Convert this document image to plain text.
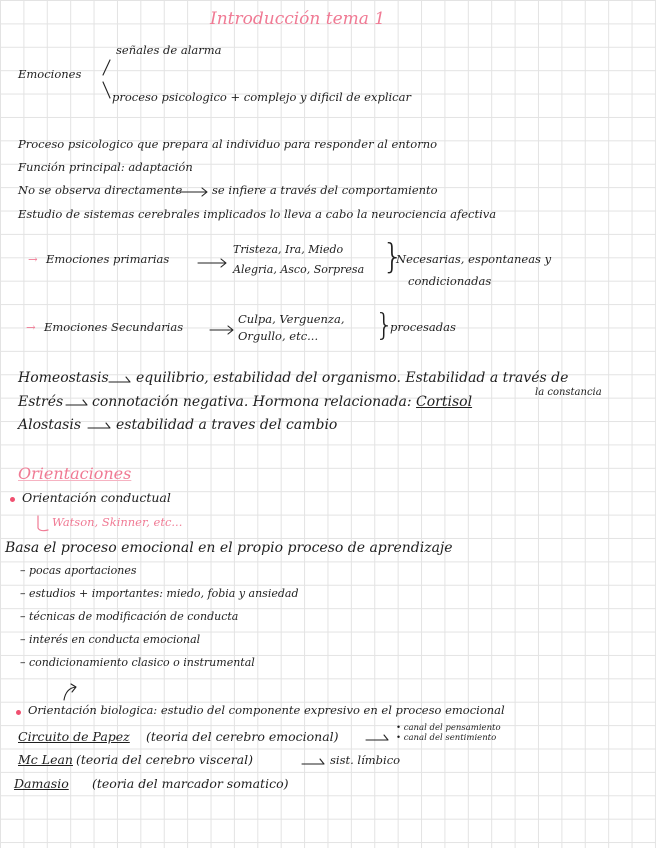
Introducción tema 1
Emociones
señales de alarma
proceso psicologico + complejo y dificil de explicar
Proceso psicologico que prepara al individuo para responder al entorno
Función principal: adaptación
No se observa directamente	se infiere a través del comportamiento
Estudio de sistemas cerebrales implicados lo lleva a cabo la neurociencia afectiva
→ Emociones primarias
Tristeza, Ira, Miedo
Alegria, Asco, Sorpresa }
Necesarias, espontaneas y
condicionadas
→ Emociones Secundarias
Culpa, Verguenza,
Orgullo, etc... }
procesadas
Homeostasis equilibrio, estabilidad del organismo. Estabilidad a través de
la constancia
Estrés connotación negativa. Hormona relacionada: Cortisol
Alostasis estabilidad a traves del cambio
Orientaciones
Orientación conductual
Watson, Skinner, etc...
Basa el proceso emocional en el propio proceso de aprendizaje
– pocas aportaciones
– estudios + importantes: miedo, fobia y ansiedad
– técnicas de modificación de conducta
– interés en conducta emocional
– condicionamiento clasico o instrumental
Orientación biologica: estudio del componente expresivo en el proceso emocional
Circuito de Papez (teoria del cerebro emocional)
• canal del pensamiento
• canal del sentimiento
Mc Lean (teoria del cerebro visceral)	sist. límbico
Damasio (teoria del marcador somatico)
